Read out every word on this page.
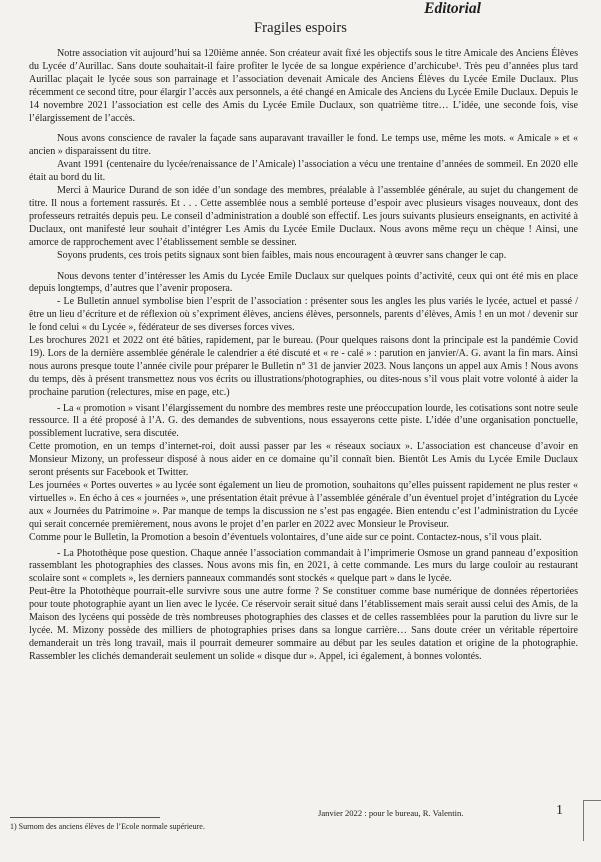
Editorial
Fragiles espoirs

Notre association vit aujourd’hui sa 120ième année. Son créateur avait fixé les objectifs sous le titre Amicale des Anciens Élèves du Lycée d’Aurillac. Sans doute souhaitait-il faire profiter le lycée de sa longue expérience d’archicube¹. Très peu d’années plus tard Aurillac plaçait le lycée sous son parrainage et l’association devenait Amicale des Anciens Élèves du Lycée Emile Duclaux. Plus récemment ce second titre, pour élargir l’accès aux personnels, a été changé en Amicale des Anciens du Lycée Emile Duclaux. Depuis le 14 novembre 2021 l’association est celle des Amis du Lycée Emile Duclaux, son quatrième titre… L’idée, une seconde fois, vise l’élargissement de l’accès.

Nous avons conscience de ravaler la façade sans auparavant travailler le fond. Le temps use, même les mots. « Amicale » et « ancien » disparaissent du titre.

Avant 1991 (centenaire du lycée/renaissance de l’Amicale) l’association a vécu une trentaine d’années de sommeil. En 2020 elle était au bord du lit.

Merci à Maurice Durand de son idée d’un sondage des membres, préalable à l’assemblée générale, au sujet du changement de titre. Il nous a fortement rassurés. Et . . . Cette assemblée nous a semblé porteuse d’espoir avec plusieurs visages nouveaux, dont des professeurs retraités depuis peu. Le conseil d’administration a doublé son effectif. Les jours suivants plusieurs enseignants, en activité à Duclaux, ont manifesté leur souhait d’intégrer Les Amis du Lycée Emile Duclaux. Nous avons même reçu un chèque ! Ainsi, une amorce de rapprochement avec l’établissement semble se dessiner.

Soyons prudents, ces trois petits signaux sont bien faibles, mais nous encouragent à œuvrer sans changer le cap.

Nous devons tenter d’intéresser les Amis du Lycée Emile Duclaux sur quelques points d’activité, ceux qui ont été mis en place depuis longtemps, d’autres que l’avenir proposera.

- Le Bulletin annuel symbolise bien l’esprit de l’association : présenter sous les angles les plus variés le lycée, actuel et passé / être un lieu d’écriture et de réflexion où s’expriment élèves, anciens élèves, personnels, parents d’élèves, Amis ! en un mot / devenir sur le fond celui « du Lycée », fédérateur de ses diverses forces vives.

Les brochures 2021 et 2022 ont été bâties, rapidement, par le bureau. (Pour quelques raisons dont la principale est la pandémie Covid 19). Lors de la dernière assemblée générale le calendrier a été discuté et « re - calé » : parution en janvier/A. G. avant la fin mars. Ainsi nous aurons presque toute l’année civile pour préparer le Bulletin n° 31 de janvier 2023. Nous lançons un appel aux Amis ! Nous avons du temps, dès à présent transmettez nous vos écrits ou illustrations/photographies, ou dites-nous s’il vous plait votre volonté à aider la prochaine parution (relectures, mise en page, etc.)

- La « promotion » visant l’élargissement du nombre des membres reste une préoccupation lourde, les cotisations sont notre seule ressource. Il a été proposé à l’A. G. des demandes de subventions, nous essayerons cette piste. L’idée d’une organisation ponctuelle, possiblement lucrative, sera discutée.

Cette promotion, en un temps d’internet-roi, doit aussi passer par les « réseaux sociaux ». L’association est chanceuse d’avoir en Monsieur Mizony, un professeur disposé à nous aider en ce domaine qu’il connaît bien. Bientôt Les Amis du Lycée Emile Duclaux seront présents sur Facebook et Twitter.

Les journées « Portes ouvertes » au lycée sont également un lieu de promotion, souhaitons qu’elles puissent rapidement ne plus rester « virtuelles ». En écho à ces « journées », une présentation était prévue à l’assemblée générale d’un éventuel projet d’intégration du Lycée aux « Journées du Patrimoine ». Par manque de temps la discussion ne s’est pas engagée. Bien entendu c’est l’administration du Lycée qui serait concernée premièrement, nous avons le projet d’en parler en 2022 avec Monsieur le Proviseur.

Comme pour le Bulletin, la Promotion a besoin d’éventuels volontaires, d’une aide sur ce point. Contactez-nous, s’il vous plait.

- La Photothèque pose question. Chaque année l’association commandait à l’imprimerie Osmose un grand panneau d’exposition rassemblant les photographies des classes. Nous avons mis fin, en 2021, à cette commande. Les murs du large couloir au restaurant scolaire sont « complets », les derniers panneaux commandés sont stockés « quelque part » dans le lycée.

Peut-être la Photothèque pourrait-elle survivre sous une autre forme ? Se constituer comme base numérique de données répertoriées pour toute photographie ayant un lien avec le lycée. Ce réservoir serait situé dans l’établissement mais serait aussi celui des Amis, de la Maison des lycéens qui possède de très nombreuses photographies des classes et de celles rassemblées pour la parution du livre sur le lycée. M. Mizony possède des milliers de photographies prises dans sa longue carrière… Sans doute créer un véritable répertoire demanderait un très long travail, mais il pourrait demeurer sommaire au début par les seules datation et origine de la photographie. Rassembler les clichés demanderait seulement un solide « disque dur ». Appel, ici également, à bonnes volontés.

Janvier 2022 : pour le bureau, R. Valentin.	1
1) Surnom des anciens élèves de l’Ecole normale supérieure.
